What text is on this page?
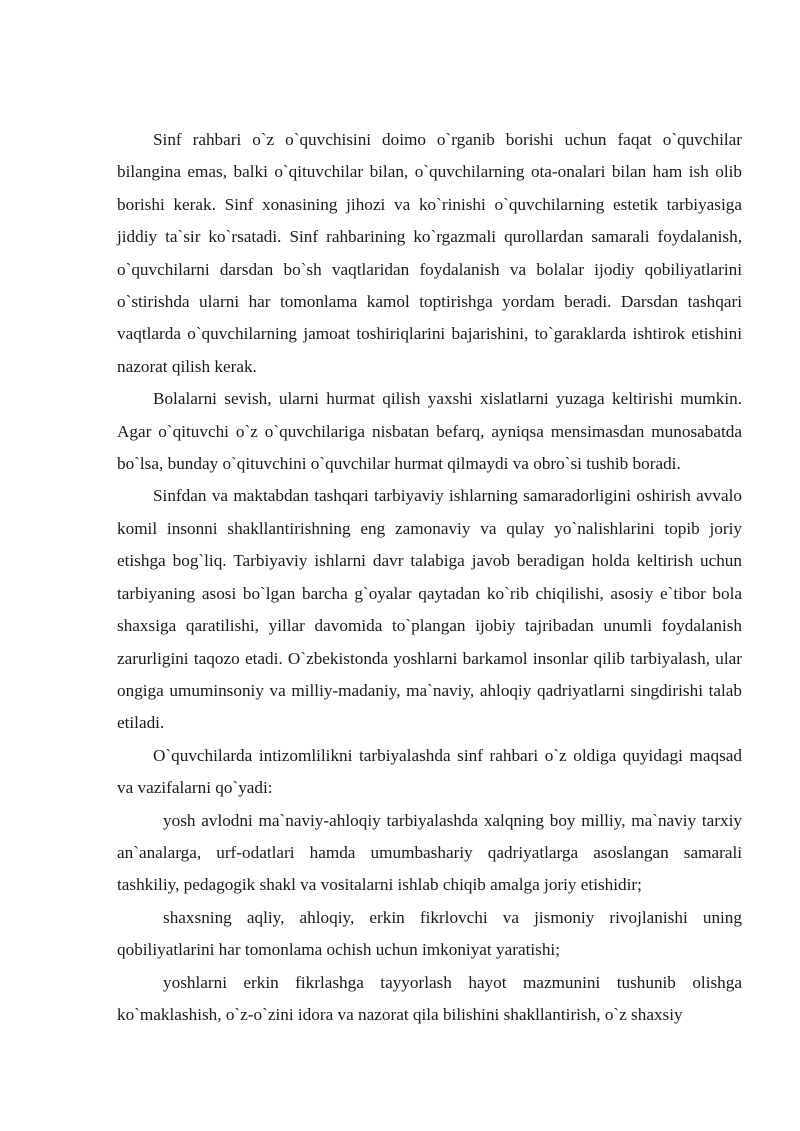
Sinf rahbari o`z o`quvchisini doimo o`rganib borishi uchun faqat o`quvchilar bilangina emas, balki o`qituvchilar bilan, o`quvchilarning ota-onalari bilan ham ish olib borishi kerak. Sinf xonasining jihozi va ko`rinishi o`quvchilarning estetik tarbiyasiga jiddiy ta`sir ko`rsatadi. Sinf rahbarining ko`rgazmali qurollardan samarali foydalanish, o`quvchilarni darsdan bo`sh vaqtlaridan foydalanish va bolalar ijodiy qobiliyatlarini o`stirishda ularni har tomonlama kamol toptirishga yordam beradi. Darsdan tashqari vaqtlarda o`quvchilarning jamoat toshiriqlarini bajarishini, to`garaklarda ishtirok etishini nazorat qilish kerak.

Bolalarni sevish, ularni hurmat qilish yaxshi xislatlarni yuzaga keltirishi mumkin. Agar o`qituvchi o`z o`quvchilariga nisbatan befarq, ayniqsa mensimasdan munosabatda bo`lsa, bunday o`qituvchini o`quvchilar hurmat qilmaydi va obro`si tushib boradi.

Sinfdan va maktabdan tashqari tarbiyaviy ishlarning samaradorligini oshirish avvalo komil insonni shakllantirishning eng zamonaviy va qulay yo`nalishlarini topib joriy etishga bog`liq. Tarbiyaviy ishlarni davr talabiga javob beradigan holda keltirish uchun tarbiyaning asosi bo`lgan barcha g`oyalar qaytadan ko`rib chiqilishi, asosiy e`tibor bola shaxsiga qaratilishi, yillar davomida to`plangan ijobiy tajribadan unumli foydalanish zarurligini taqozo etadi. O`zbekistonda yoshlarni barkamol insonlar qilib tarbiyalash, ular ongiga umuminsoniy va milliy-madaniy, ma`naviy, ahloqiy qadriyatlarni singdirishi talab etiladi.

O`quvchilarda intizomlilikni tarbiyalashda sinf rahbari o`z oldiga quyidagi maqsad va vazifalarni qo`yadi:

yosh avlodni ma`naviy-ahloqiy tarbiyalashda xalqning boy milliy, ma`naviy tarxiy an`analarga, urf-odatlari hamda umumbashariy qadriyatlarga asoslangan samarali tashkiliy, pedagogik shakl va vositalarni ishlab chiqib amalga joriy etishidir;

shaxsning aqliy, ahloqiy, erkin fikrlovchi va jismoniy rivojlanishi uning qobiliyatlarini har tomonlama ochish uchun imkoniyat yaratishi;

yoshlarni erkin fikrlashga tayyorlash hayot mazmunini tushunib olishga ko`maklashish, o`z-o`zini idora va nazorat qila bilishini shakllantirish, o`z shaxsiy
